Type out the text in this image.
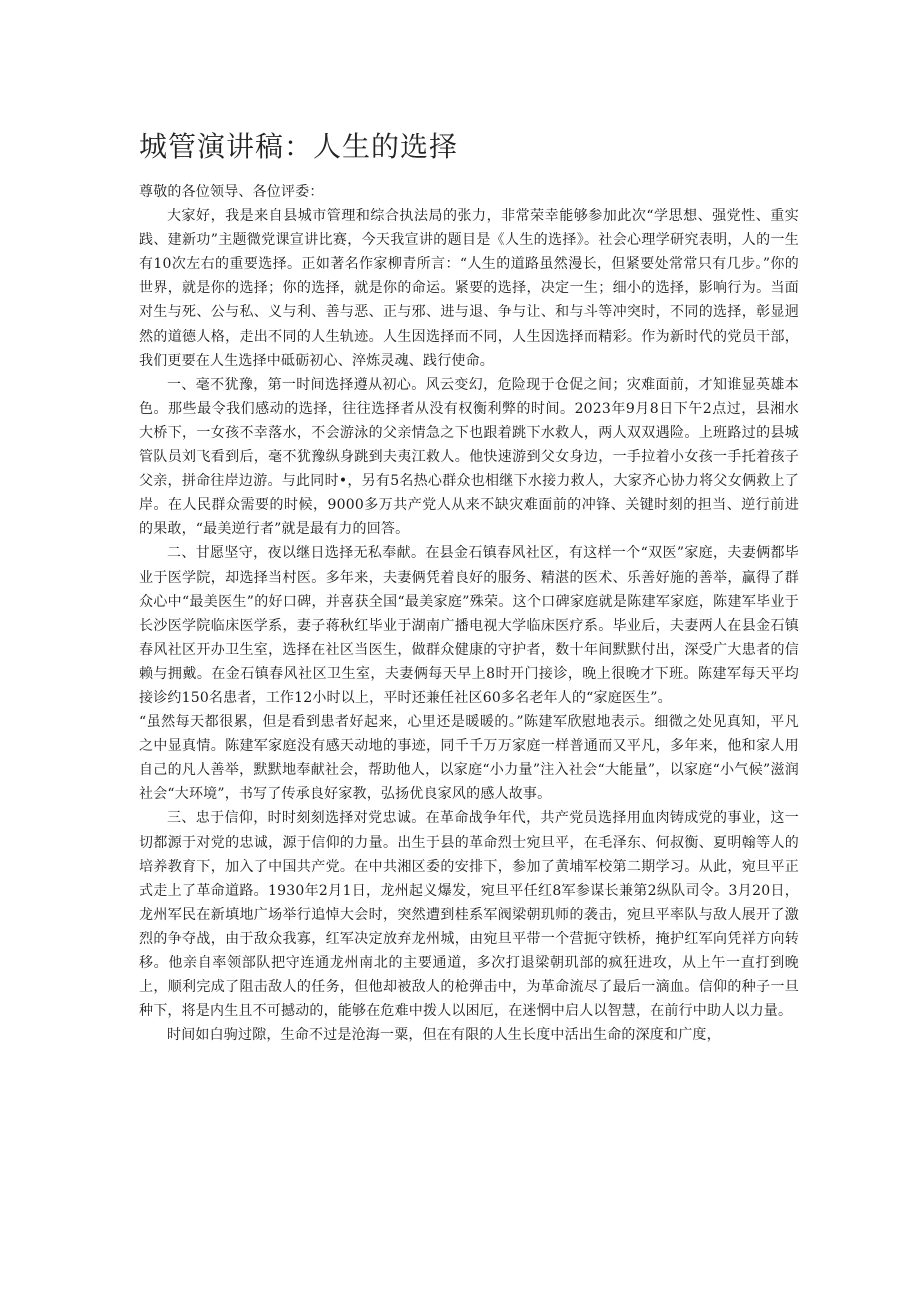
城管演讲稿：人生的选择

尊敬的各位领导、各位评委：

大家好，我是来自县城市管理和综合执法局的张力，非常荣幸能够参加此次“学思想、强党性、重实践、建新功”主题微党课宣讲比赛，今天我宣讲的题目是《人生的选择》。社会心理学研究表明，人的一生有10次左右的重要选择。正如著名作家柳青所言：“人生的道路虽然漫长，但紧要处常常只有几步。”你的世界，就是你的选择；你的选择，就是你的命运。紧要的选择，决定一生；细小的选择，影响行为。当面对生与死、公与私、义与利、善与恶、正与邪、进与退、争与让、和与斗等冲突时，不同的选择，彰显迥然的道德人格，走出不同的人生轨迹。人生因选择而不同，人生因选择而精彩。作为新时代的党员干部，我们更要在人生选择中砥砺初心、淬炼灵魂、践行使命。

一、毫不犹豫，第一时间选择遵从初心。风云变幻，危险现于仓促之间；灾难面前，才知谁显英雄本色。那些最令我们感动的选择，往往选择者从没有权衡利弊的时间。2023年9月8日下午2点过，县湘水大桥下，一女孩不幸落水，不会游泳的父亲情急之下也跟着跳下水救人，两人双双遇险。上班路过的县城管队员刘飞看到后，毫不犹豫纵身跳到夫夷江救人。他快速游到父女身边，一手拉着小女孩一手托着孩子父亲，拼命往岸边游。与此同时•，另有5名热心群众也相继下水接力救人，大家齐心协力将父女俩救上了岸。在人民群众需要的时候，9000多万共产党人从来不缺灾难面前的冲锋、关键时刻的担当、逆行前进的果敢，“最美逆行者”就是最有力的回答。

二、甘愿坚守，夜以继日选择无私奉献。在县金石镇春风社区，有这样一个“双医”家庭，夫妻俩都毕业于医学院，却选择当村医。多年来，夫妻俩凭着良好的服务、精湛的医术、乐善好施的善举，赢得了群众心中“最美医生”的好口碑，并喜获全国“最美家庭”殊荣。这个口碑家庭就是陈建军家庭，陈建军毕业于长沙医学院临床医学系，妻子蒋秋红毕业于湖南广播电视大学临床医疗系。毕业后，夫妻两人在县金石镇春风社区开办卫生室，选择在社区当医生，做群众健康的守护者，数十年间默默付出，深受广大患者的信赖与拥戴。在金石镇春风社区卫生室，夫妻俩每天早上8时开门接诊，晚上很晚才下班。陈建军每天平均接诊约150名患者，工作12小时以上，平时还兼任社区60多名老年人的“家庭医生”。

“虽然每天都很累，但是看到患者好起来，心里还是暖暖的。”陈建军欣慰地表示。细微之处见真知，平凡之中显真情。陈建军家庭没有感天动地的事迹，同千千万万家庭一样普通而又平凡，多年来，他和家人用自己的凡人善举，默默地奉献社会，帮助他人，以家庭“小力量”注入社会“大能量”，以家庭“小气候”滋润社会“大环境”，书写了传承良好家教，弘扬优良家风的感人故事。

三、忠于信仰，时时刻刻选择对党忠诚。在革命战争年代，共产党员选择用血肉铸成党的事业，这一切都源于对党的忠诚，源于信仰的力量。出生于县的革命烈士宛旦平，在毛泽东、何叔衡、夏明翰等人的培养教育下，加入了中国共产党。在中共湘区委的安排下，参加了黄埔军校第二期学习。从此，宛旦平正式走上了革命道路。1930年2月1日，龙州起义爆发，宛旦平任红8军参谋长兼第2纵队司令。3月20日，龙州军民在新填地广场举行追悼大会时，突然遭到桂系军阀梁朝玑师的袭击，宛旦平率队与敌人展开了激烈的争夺战，由于敌众我寡，红军决定放弃龙州城，由宛旦平带一个营扼守铁桥，掩护红军向凭祥方向转移。他亲自率领部队把守连通龙州南北的主要通道，多次打退梁朝玑部的疯狂进攻，从上午一直打到晚上，顺利完成了阻击敌人的任务，但他却被敌人的枪弹击中，为革命流尽了最后一滴血。信仰的种子一旦种下，将是内生且不可撼动的，能够在危难中拨人以困厄，在迷惘中启人以智慧，在前行中助人以力量。

时间如白驹过隙，生命不过是沧海一粟，但在有限的人生长度中活出生命的深度和广度，
